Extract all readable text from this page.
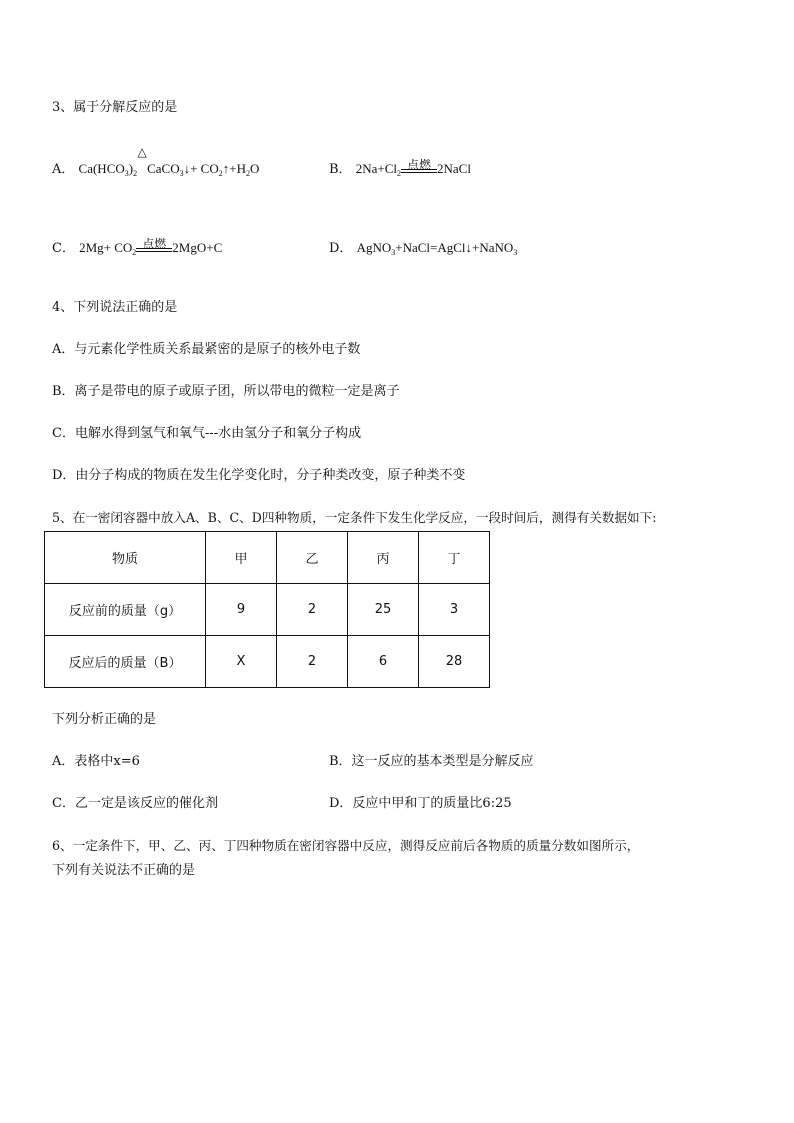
3、属于分解反应的是
A． $Ca(HCO_3)_2$
△
CaCO$_3$↓+ $CO_2↑+H_2O$	B． $2Na+Cl_2$
点燃 2NaCl
C． $2Mg+ CO_2$
点燃 2MgO+C	D． AgNO$_3$+NaCl=AgCl↓+NaNO$_3$
4、下列说法正确的是
A．与元素化学性质关系最紧密的是原子的核外电子数
B．离子是带电的原子或原子团，所以带电的微粒一定是离子
C．电解水得到氢气和氧气---水由氢分子和氧分子构成
D．由分子构成的物质在发生化学变化时，分子种类改变，原子种类不变
5、在一密闭容器中放入A、B、C、D四种物质，一定条件下发生化学反应，一段时间后，测得有关数据如下:
物质	甲	乙	丙	丁
反应前的质量（g）	9	2	25	3
反应后的质量（B）	X	2	6	28
下列分析正确的是
A．表格中x=6	B．这一反应的基本类型是分解反应
C．乙一定是该反应的催化剂	D．反应中甲和丁的质量比6:25
6、一定条件下，甲、乙、丙、丁四种物质在密闭容器中反应，测得反应前后各物质的质量分数如图所示，
下列有关说法不正确的是
